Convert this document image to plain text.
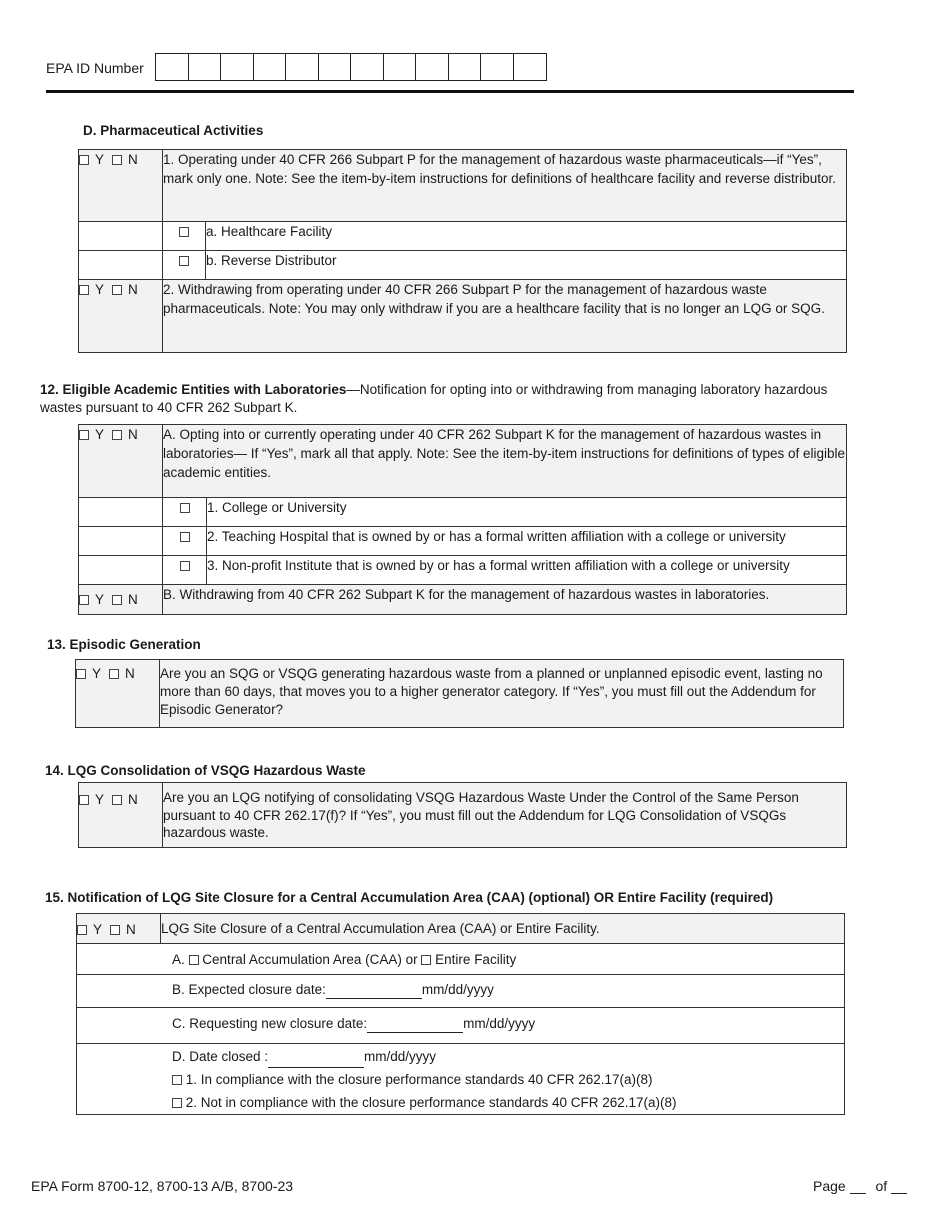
EPA ID Number
D. Pharmaceutical Activities
Y N	1. Operating under 40 CFR 266 Subpart P for the management of hazardous waste pharmaceuticals—if “Yes”, mark only one. Note: See the item-by-item instructions for definitions of healthcare facility and reverse distributor.	
		a. Healthcare Facility
		b. Reverse Distributor
Y N	2. Withdrawing from operating under 40 CFR 266 Subpart P for the management of hazardous waste pharmaceuticals. Note: You may only withdraw if you are a healthcare facility that is no longer an LQG or SQG.	
12. Eligible Academic Entities with Laboratories—Notification for opting into or withdrawing from managing laboratory hazardous wastes pursuant to 40 CFR 262 Subpart K.
Y N	A. Opting into or currently operating under 40 CFR 262 Subpart K for the management of hazardous wastes in laboratories— If “Yes”, mark all that apply. Note: See the item-by-item instructions for definitions of types of eligible academic entities.	
		1. College or University
		2. Teaching Hospital that is owned by or has a formal written affiliation with a college or university
		3. Non-profit Institute that is owned by or has a formal written affiliation with a college or university
Y N	B. Withdrawing from 40 CFR 262 Subpart K for the management of hazardous wastes in laboratories.	
13. Episodic Generation
Y N	Are you an SQG or VSQG generating hazardous waste from a planned or unplanned episodic event, lasting no more than 60 days, that moves you to a higher generator category. If “Yes”, you must fill out the Addendum for Episodic Generator?
14. LQG Consolidation of VSQG Hazardous Waste
Y N	Are you an LQG notifying of consolidating VSQG Hazardous Waste Under the Control of the Same Person pursuant to 40 CFR 262.17(f)? If “Yes”, you must fill out the Addendum for LQG Consolidation of VSQGs hazardous waste.
15. Notification of LQG Site Closure for a Central Accumulation Area (CAA) (optional) OR Entire Facility (required)
Y N	LQG Site Closure of a Central Accumulation Area (CAA) or Entire Facility.
A. Central Accumulation Area (CAA) or Entire Facility
B. Expected closure date:	mm/dd/yyyy
C. Requesting new closure date:	mm/dd/yyyy

D. Date closed :	mm/dd/yyyy
1. In compliance with the closure performance standards 40 CFR 262.17(a)(8)
2. Not in compliance with the closure performance standards 40 CFR 262.17(a)(8)
EPA Form 8700-12, 8700-13 A/B, 8700-23	Page of
